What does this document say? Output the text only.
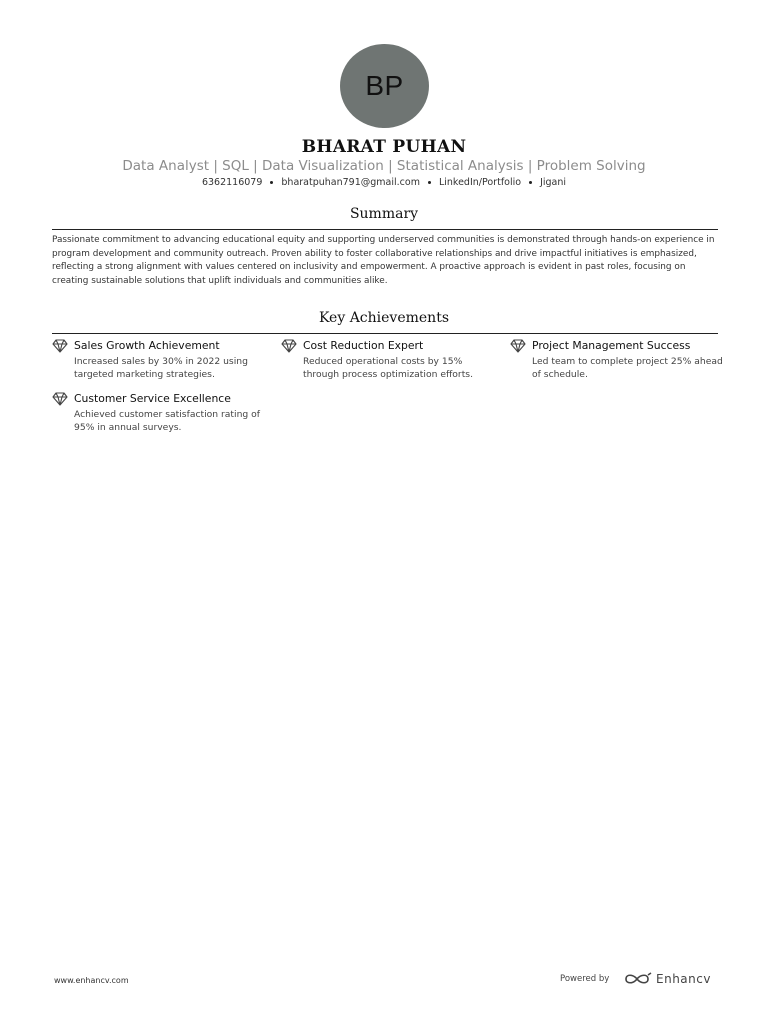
BP
BHARAT PUHAN
Data Analyst | SQL | Data Visualization | Statistical Analysis | Problem Solving
6362116079 bharatpuhan791@gmail.com LinkedIn/Portfolio Jigani
Summary
Passionate commitment to advancing educational equity and supporting underserved communities is demonstrated through hands-on experience in program development and community outreach. Proven ability to foster collaborative relationships and drive impactful initiatives is emphasized, reflecting a strong alignment with values centered on inclusivity and empowerment. A proactive approach is evident in past roles, focusing on creating sustainable solutions that uplift individuals and communities alike.
Key Achievements
Sales Growth Achievement
Increased sales by 30% in 2022 using targeted marketing strategies.
Cost Reduction Expert
Reduced operational costs by 15% through process optimization efforts.
Project Management Success
Led team to complete project 25% ahead of schedule.
Customer Service Excellence
Achieved customer satisfaction rating of 95% in annual surveys.
www.enhancv.com	Powered by	Enhancv
